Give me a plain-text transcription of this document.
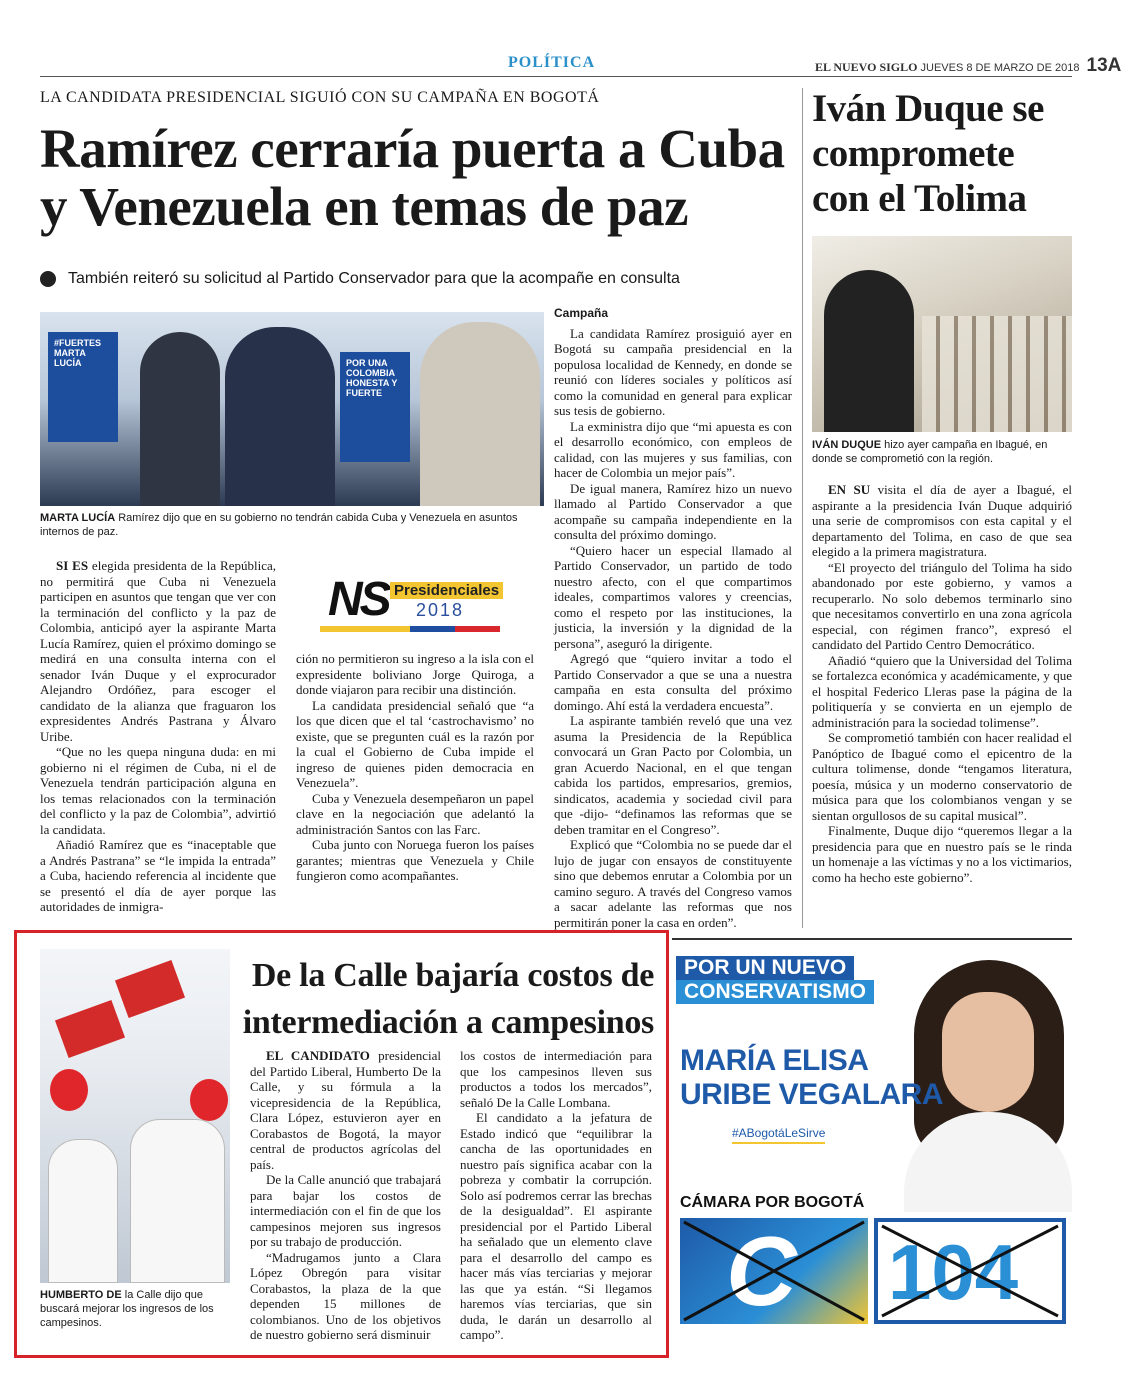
POLÍTICA	EL NUEVO SIGLO JUEVES 8 DE MARZO DE 2018 13A
LA CANDIDATA PRESIDENCIAL SIGUIÓ CON SU CAMPAÑA EN BOGOTÁ
Ramírez cerraría puerta a Cuba y Venezuela en temas de paz
También reiteró su solicitud al Partido Conservador para que la acompañe en consulta
#FUERTES MARTA LUCÍA	POR UNA COLOMBIA HONESTA Y FUERTE
MARTA LUCÍA Ramírez dijo que en su gobierno no tendrán cabida Cuba y Venezuela en asuntos internos de paz.

SI ES elegida presidenta de la República, no permitirá que Cuba ni Venezuela participen en asuntos que tengan que ver con la terminación del conflicto y la paz de Colombia, anticipó ayer la aspirante Marta Lucía Ramírez, quien el próximo domingo se medirá en una consulta interna con el senador Iván Duque y el exprocurador Alejandro Ordóñez, para escoger el candidato de la alianza que fraguaron los expresidentes Andrés Pastrana y Álvaro Uribe.

“Que no les quepa ninguna duda: en mi gobierno ni el régimen de Cuba, ni el de Venezuela tendrán participación alguna en los temas relacionados con la terminación del conflicto y la paz de Colombia”, advirtió la candidata.

Añadió Ramírez que es “inaceptable que a Andrés Pastrana” se “le impida la entrada” a Cuba, haciendo referencia al incidente que se presentó el día de ayer porque las autoridades de inmigra-

NS Presidenciales
2018

ción no permitieron su ingreso a la isla con el expresidente boliviano Jorge Quiroga, a donde viajaron para recibir una distinción.

La candidata presidencial señaló que “a los que dicen que el tal ‘castrochavismo’ no existe, que se pregunten cuál es la razón por la cual el Gobierno de Cuba impide el ingreso de quienes piden democracia en Venezuela”.

Cuba y Venezuela desempeñaron un papel clave en la negociación que adelantó la administración Santos con las Farc.

Cuba junto con Noruega fueron los países garantes; mientras que Venezuela y Chile fungieron como acompañantes.

Campaña

La candidata Ramírez prosiguió ayer en Bogotá su campaña presidencial en la populosa localidad de Kennedy, en donde se reunió con líderes sociales y políticos así como la comunidad en general para explicar sus tesis de gobierno.

La exministra dijo que “mi apuesta es con el desarrollo económico, con empleos de calidad, con las mujeres y sus familias, con hacer de Colombia un mejor país”.

De igual manera, Ramírez hizo un nuevo llamado al Partido Conservador a que acompañe su campaña independiente en la consulta del próximo domingo.

“Quiero hacer un especial llamado al Partido Conservador, un partido de todo nuestro afecto, con el que compartimos ideales, compartimos valores y creencias, como el respeto por las instituciones, la justicia, la inversión y la dignidad de la persona”, aseguró la dirigente.

Agregó que “quiero invitar a todo el Partido Conservador a que se una a nuestra campaña en esta consulta del próximo domingo. Ahí está la verdadera encuesta”.

La aspirante también reveló que una vez asuma la Presidencia de la República convocará un Gran Pacto por Colombia, un gran Acuerdo Nacional, en el que tengan cabida los partidos, empresarios, gremios, sindicatos, academia y sociedad civil para que -dijo- “definamos las reformas que se deben tramitar en el Congreso”.

Explicó que “Colombia no se puede dar el lujo de jugar con ensayos de constituyente sino que debemos enrutar a Colombia por un camino seguro. A través del Congreso vamos a sacar adelante las reformas que nos permitirán poner la casa en orden”.

Iván Duque se compromete con el Tolima
IVÁN DUQUE hizo ayer campaña en Ibagué, en donde se comprometió con la región.

EN SU visita el día de ayer a Ibagué, el aspirante a la presidencia Iván Duque adquirió una serie de compromisos con esta capital y el departamento del Tolima, en caso de que sea elegido a la primera magistratura.

“El proyecto del triángulo del Tolima ha sido abandonado por este gobierno, y vamos a recuperarlo. No solo debemos terminarlo sino que necesitamos convertirlo en una zona agrícola especial, con régimen franco”, expresó el candidato del Partido Centro Democrático.

Añadió “quiero que la Universidad del Tolima se fortalezca económica y académicamente, y que el hospital Federico Lleras pase la página de la politiquería y se convierta en un ejemplo de administración para la sociedad tolimense”.

Se comprometió también con hacer realidad el Panóptico de Ibagué como el epicentro de la cultura tolimense, donde “tengamos literatura, poesía, música y un moderno conservatorio de música para que los colombianos vengan y se sientan orgullosos de su capital musical”.

Finalmente, Duque dijo “queremos llegar a la presidencia para que en nuestro país se le rinda un homenaje a las víctimas y no a los victimarios, como ha hecho este gobierno”.

HUMBERTO DE la Calle dijo que buscará mejorar los ingresos de los campesinos.
De la Calle bajaría costos de intermediación a campesinos

EL CANDIDATO presidencial del Partido Liberal, Humberto De la Calle, y su fórmula a la vicepresidencia de la República, Clara López, estuvieron ayer en Corabastos de Bogotá, la mayor central de productos agrícolas del país.

De la Calle anunció que trabajará para bajar los costos de intermediación con el fin de que los campesinos mejoren sus ingresos por su trabajo de producción.

“Madrugamos junto a Clara López Obregón para visitar Corabastos, la plaza de la que dependen 15 millones de colombianos. Uno de los objetivos de nuestro gobierno será disminuir

los costos de intermediación para que los campesinos lleven sus productos a todos los mercados”, señaló De la Calle Lombana.

El candidato a la jefatura de Estado indicó que “equilibrar la cancha de las oportunidades en nuestro país significa acabar con la pobreza y combatir la corrupción. Solo así podremos cerrar las brechas de la desigualdad”. El aspirante presidencial por el Partido Liberal ha señalado que un elemento clave para el desarrollo del campo es hacer más vías terciarias y mejorar las que ya están. “Si llegamos haremos vías terciarias, que sin duda, le darán un desarrollo al campo”.

POR UN NUEVO
CONSERVATISMO
MARÍA ELISA
URIBE VEGALARA
#ABogotáLeSirve
CÁMARA POR BOGOTÁ
C 104
